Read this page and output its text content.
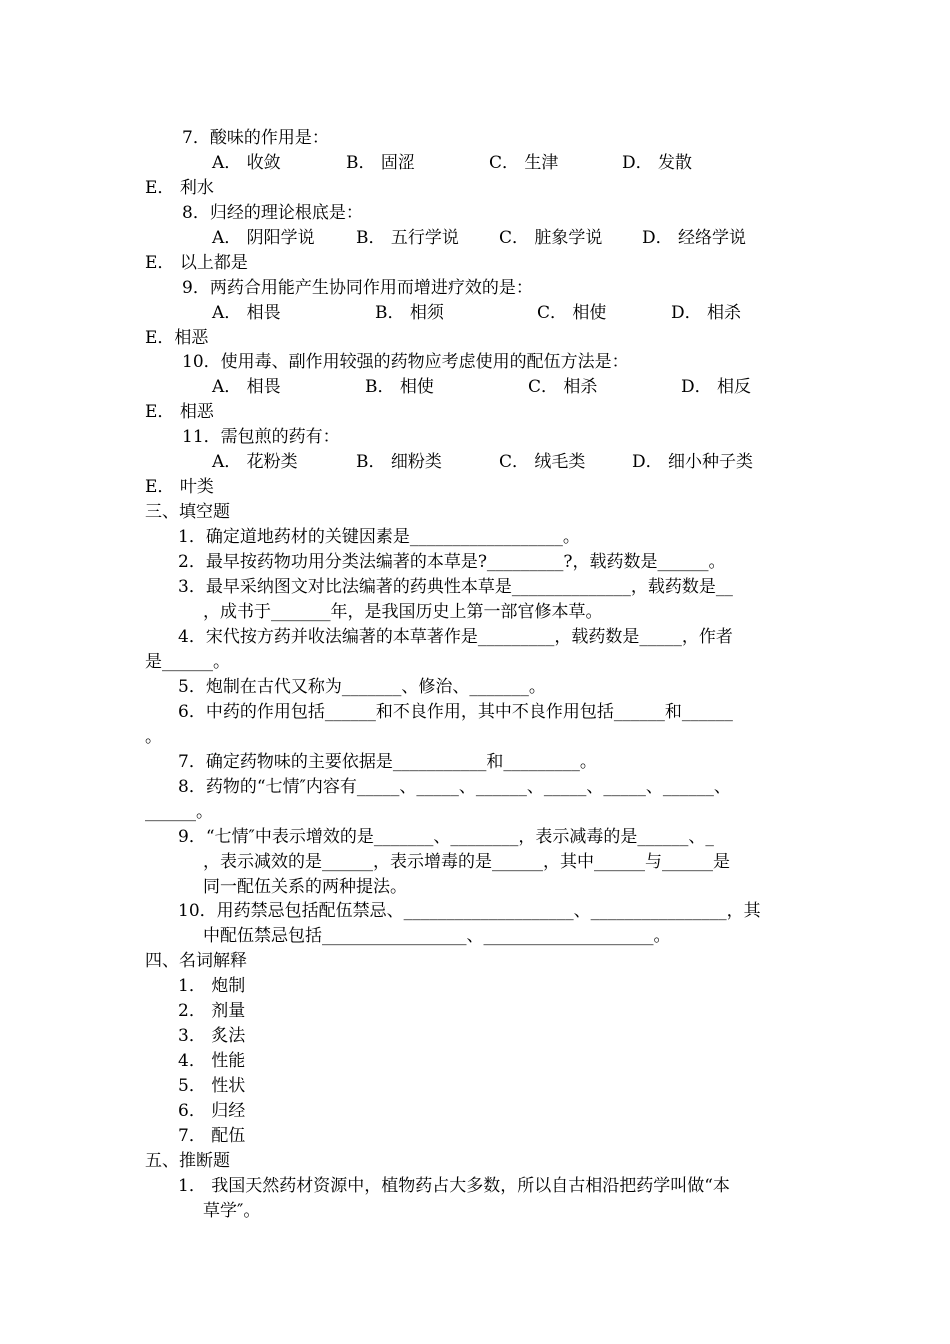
7．酸味的作用是：
A． 收敛	B． 固涩	C． 生津	D． 发散
E． 利水
8．归经的理论根底是：
A． 阴阳学说 B． 五行学说 C． 脏象学说 D． 经络学说
E． 以上都是
9．两药合用能产生协同作用而增进疗效的是：
A． 相畏	B． 相须	C． 相使	D． 相杀
E．相恶
10．使用毒、副作用较强的药物应考虑使用的配伍方法是：
A． 相畏	B． 相使	C． 相杀	D． 相反
E． 相恶
11．需包煎的药有：
A． 花粉类	B． 细粉类	C． 绒毛类	D． 细小种子类
E． 叶类
三、填空题
1．确定道地药材的关键因素是__________________。
2．最早按药物功用分类法编著的本草是?_________?，载药数是______。
3．最早采纳图文对比法编著的药典性本草是______________，载药数是__
，成书于_______年，是我国历史上第一部官修本草。
4．宋代按方药并收法编著的本草著作是_________，载药数是_____，作者
是______。
5．炮制在古代又称为_______、修治、_______。
6．中药的作用包括______和不良作用，其中不良作用包括______和______
。
7．确定药物味的主要依据是___________和_________。
8．药物的“七情″内容有_____、_____、______、_____、_____、______、
______。
9．“七情″中表示增效的是_______、________，表示减毒的是______、_
，表示减效的是______，表示增毒的是______，其中______与______是
同一配伍关系的两种提法。
10．用药禁忌包括配伍禁忌、____________________、________________，其
中配伍禁忌包括_________________、____________________。
四、名词解释
1． 炮制
2． 剂量
3． 炙法
4． 性能
5． 性状
6． 归经
7． 配伍
五、推断题
1． 我国天然药材资源中，植物药占大多数，所以自古相沿把药学叫做“本
草学″。
